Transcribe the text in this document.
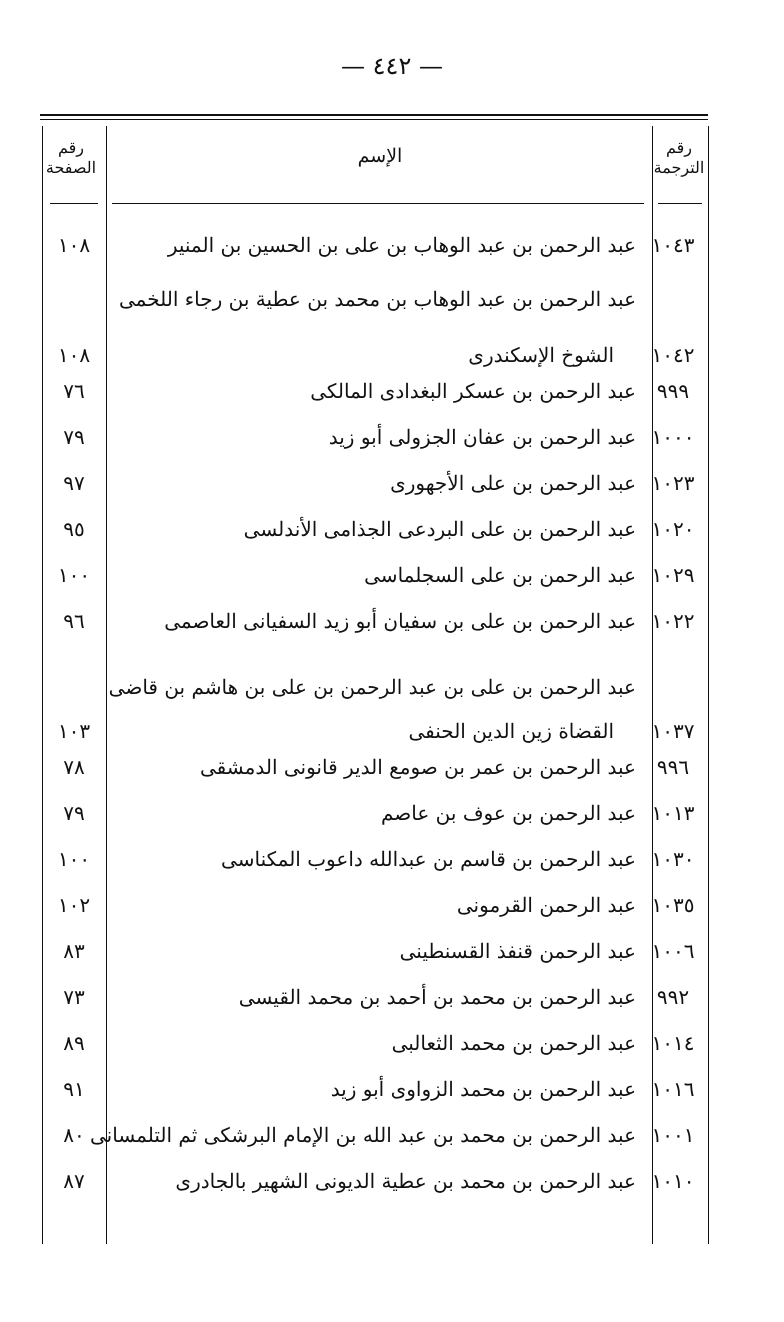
— ٤٤٢ —
رقم الترجمة
الإسم
رقم الصفحة
١٠٤٣
عبد الرحمن بن عبد الوهاب بن على بن الحسين بن المنير
١٠٨
١٠٤٢
عبد الرحمن بن عبد الوهاب بن محمد بن عطية بن رجاء اللخمى
الشوخ الإسكندرى
١٠٨
٩٩٩
عبد الرحمن بن عسكر البغدادى المالكى
٧٦
١٠٠٠
عبد الرحمن بن عفان الجزولى أبو زيد
٧٩
١٠٢٣
عبد الرحمن بن على الأجهورى
٩٧
١٠٢٠
عبد الرحمن بن على البردعى الجذامى الأندلسى
٩٥
١٠٢٩
عبد الرحمن بن على السجلماسى
١٠٠
١٠٢٢
عبد الرحمن بن على بن سفيان أبو زيد السفيانى العاصمى
٩٦
١٠٣٧
عبد الرحمن بن على بن عبد الرحمن بن على بن هاشم بن قاضى
القضاة زين الدين الحنفى
١٠٣
٩٩٦
عبد الرحمن بن عمر بن صومع الدير قانونى الدمشقى
٧٨
١٠١٣
عبد الرحمن بن عوف بن عاصم
٧٩
١٠٣٠
عبد الرحمن بن قاسم بن عبدالله داعوب المكناسى
١٠٠
١٠٣٥
عبد الرحمن القرمونى
١٠٢
١٠٠٦
عبد الرحمن قنفذ القسنطينى
٨٣
٩٩٢
عبد الرحمن بن محمد بن أحمد بن محمد القيسى
٧٣
١٠١٤
عبد الرحمن بن محمد الثعالبى
٨٩
١٠١٦
عبد الرحمن بن محمد الزواوى أبو زيد
٩١
١٠٠١
عبد الرحمن بن محمد بن عبد الله بن الإمام البرشكى ثم التلمسانى
٨٠
١٠١٠
عبد الرحمن بن محمد بن عطية الديونى الشهير بالجادرى
٨٧
